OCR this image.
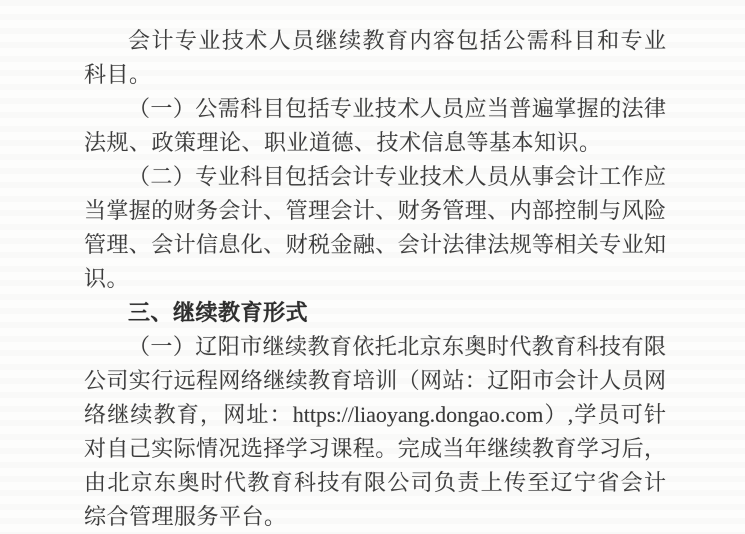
会计专业技术人员继续教育内容包括公需科目和专业
科目。
（一）公需科目包括专业技术人员应当普遍掌握的法律
法规、政策理论、职业道德、技术信息等基本知识。
（二）专业科目包括会计专业技术人员从事会计工作应
当掌握的财务会计、管理会计、财务管理、内部控制与风险
管理、会计信息化、财税金融、会计法律法规等相关专业知
识。
三、继续教育形式
（一）辽阳市继续教育依托北京东奥时代教育科技有限
公司实行远程网络继续教育培训（网站：辽阳市会计人员网
络继续教育，网址：https://liaoyang.dongao.com）,学员可针
对自己实际情况选择学习课程。完成当年继续教育学习后，
由北京东奥时代教育科技有限公司负责上传至辽宁省会计
综合管理服务平台。
